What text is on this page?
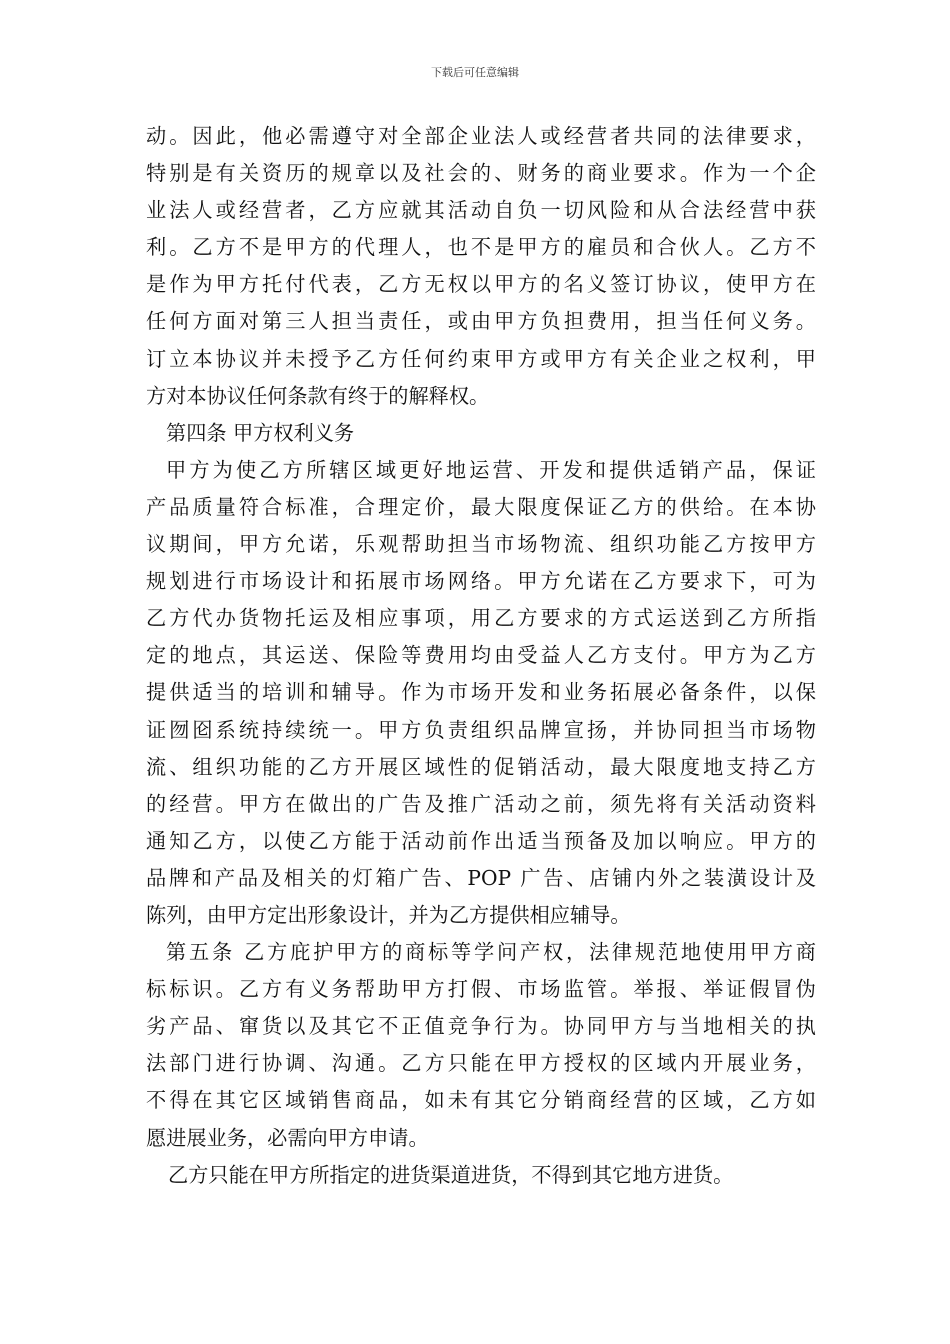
下载后可任意编辑
动。因此，他必需遵守对全部企业法人或经营者共同的法律要求，
特别是有关资历的规章以及社会的、财务的商业要求。作为一个企
业法人或经营者，乙方应就其活动自负一切风险和从合法经营中获
利。乙方不是甲方的代理人，也不是甲方的雇员和合伙人。乙方不
是作为甲方托付代表，乙方无权以甲方的名义签订协议，使甲方在
任何方面对第三人担当责任，或由甲方负担费用，担当任何义务。
订立本协议并未授予乙方任何约束甲方或甲方有关企业之权利，甲
方对本协议任何条款有终于的解释权。
第四条 甲方权利义务
甲方为使乙方所辖区域更好地运营、开发和提供适销产品，保证
产品质量符合标准，合理定价，最大限度保证乙方的供给。在本协
议期间，甲方允诺，乐观帮助担当市场物流、组织功能乙方按甲方
规划进行市场设计和拓展市场网络。甲方允诺在乙方要求下，可为
乙方代办货物托运及相应事项，用乙方要求的方式运送到乙方所指
定的地点，其运送、保险等费用均由受益人乙方支付。甲方为乙方
提供适当的培训和辅导。作为市场开发和业务拓展必备条件，以保
证囫囵系统持续统一。甲方负责组织品牌宣扬，并协同担当市场物
流、组织功能的乙方开展区域性的促销活动，最大限度地支持乙方
的经营。甲方在做出的广告及推广活动之前，须先将有关活动资料
通知乙方，以使乙方能于活动前作出适当预备及加以响应。甲方的
品牌和产品及相关的灯箱广告、POP 广告、店铺内外之装潢设计及
陈列，由甲方定出形象设计，并为乙方提供相应辅导。
第五条 乙方庇护甲方的商标等学问产权，法律规范地使用甲方商
标标识。乙方有义务帮助甲方打假、市场监管。举报、举证假冒伪
劣产品、窜货以及其它不正值竞争行为。协同甲方与当地相关的执
法部门进行协调、沟通。乙方只能在甲方授权的区域内开展业务，
不得在其它区域销售商品，如未有其它分销商经营的区域，乙方如
愿进展业务，必需向甲方申请。
乙方只能在甲方所指定的进货渠道进货，不得到其它地方进货。
